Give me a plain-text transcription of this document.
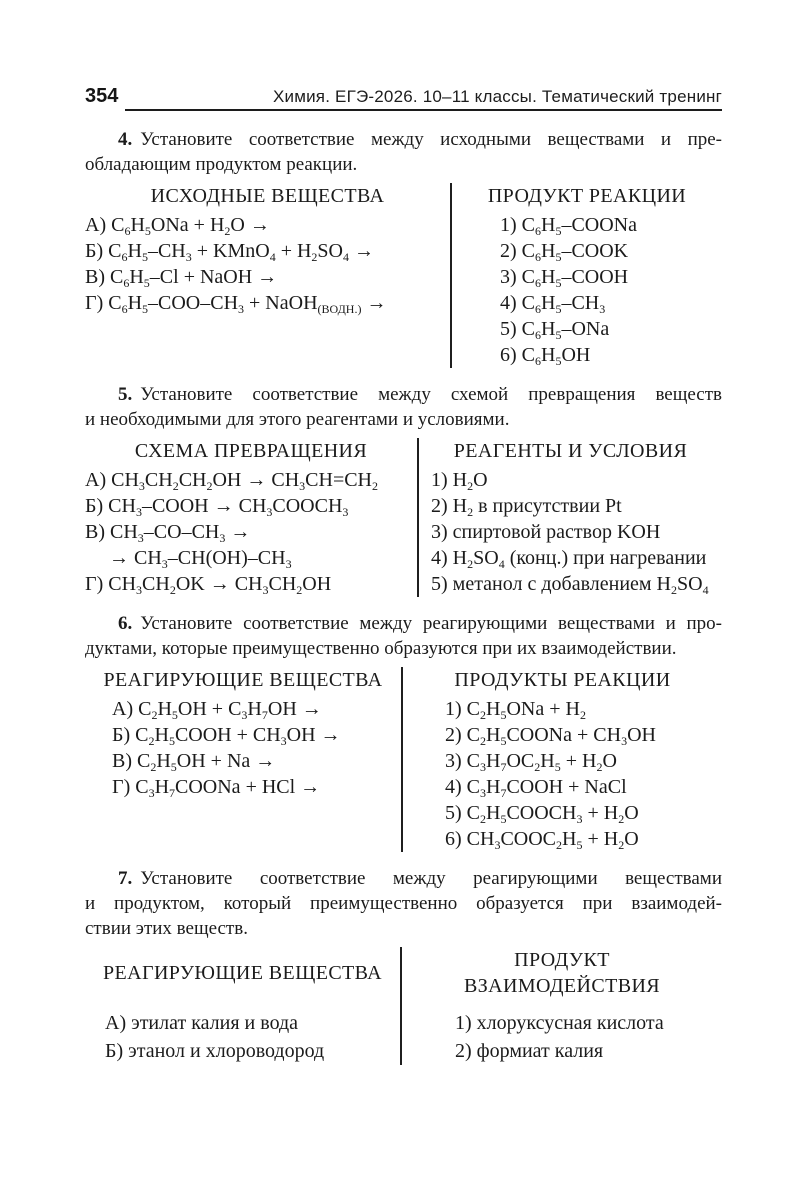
354	Химия. ЕГЭ-2026. 10–11 классы. Тематический тренинг
4. Установите соответствие между исходными веществами и пре-
обладающим продуктом реакции.
ИСХОДНЫЕ ВЕЩЕСТВА
А) $C_6H_5ONa + H_2O$ →
Б) $C_6H_5-CH_3$ + KMnO$_4$ + $H_2SO_4$ →
В) $C_6H_5-Cl$ + NaOH →
Г) $C_6H_5-COO-CH_3$ + NaOH$_{(ВОДН.)}$ →
ПРОДУКТ РЕАКЦИИ
1) $C_6H_5$–COONa
2) $C_6H_5$–COOK
3) $C_6H_5$–COOH
4) $C_6H_5-CH_3$
5) $C_6H_5$–ONa
6) $C_6H_5OH$
5. Установите соответствие между схемой превращения веществ
и необходимыми для этого реагентами и условиями.
СХЕМА ПРЕВРАЩЕНИЯ
А) $CH_3CH_2CH_2OH \to CH_3CH=CH_2$
Б) $CH_3$–COOH → $CH_3COOCH_3$
В) $CH_3-CO-CH_3$ →
→ $CH_3-CH(OH)-CH_3$
Г) $CH_3CH_2OK \to CH_3CH_2OH$
РЕАГЕНТЫ И УСЛОВИЯ
1) $H_2O$
2) $H_2$ в присутствии Pt
3) спиртовой раствор KOH
4) $H_2SO_4$ (конц.) при нагревании
5) метанол с добавлением $H_2SO_4$
6. Установите соответствие между реагирующими веществами и про-
дуктами, которые преимущественно образуются при их взаимодействии.
РЕАГИРУЮЩИЕ ВЕЩЕСТВА
А) $C_2H_5OH + C_3H_7OH$ →
Б) $C_2H_5COOH + CH_3OH$ →
В) $C_2H_5OH + Na$ →
Г) $C_3H_7COONa$ + HCl →
ПРОДУКТЫ РЕАКЦИИ
1) $C_2H_5ONa + H_2$
2) $C_2H_5COONa + CH_3OH$
3) $C_3H_7OC_2H_5 + H_2O$
4) $C_3H_7COOH$ + NaCl
5) $C_2H_5COOCH_3 + H_2O$
6) $CH_3COOC_2H_5 + H_2O$
7. Установите соответствие между реагирующими веществами
и продуктом, который преимущественно образуется при взаимодей-
ствии этих веществ.
РЕАГИРУЮЩИЕ ВЕЩЕСТВА
А) этилат калия и вода
Б) этанол и хлороводород
ПРОДУКТ
ВЗАИМОДЕЙСТВИЯ
1) хлоруксусная кислота
2) формиат калия
